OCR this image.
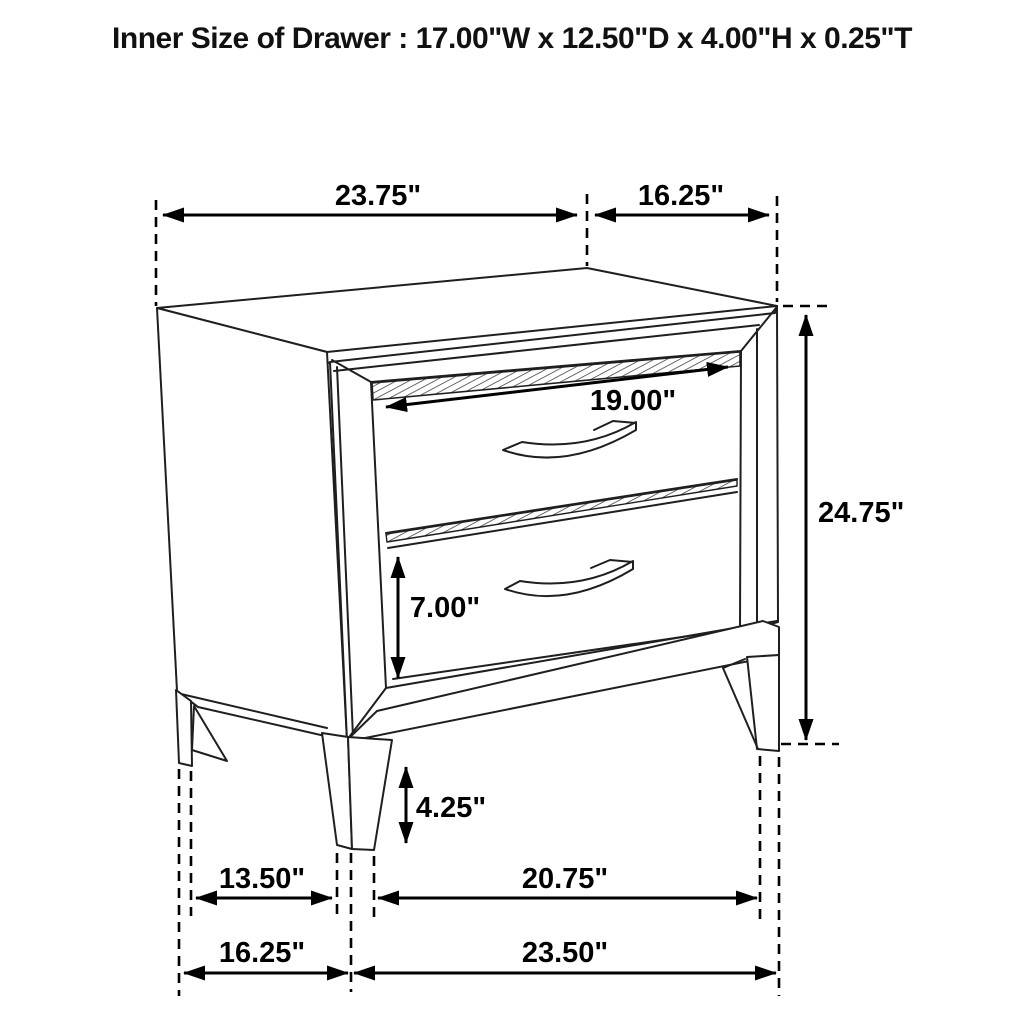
Inner Size of Drawer : 17.00"W x 12.50"D x 4.00"H x 0.25"T
23.75"	16.25"
19.00"
24.75"
7.00"
4.25"
13.50"	20.75"
16.25"	23.50"
